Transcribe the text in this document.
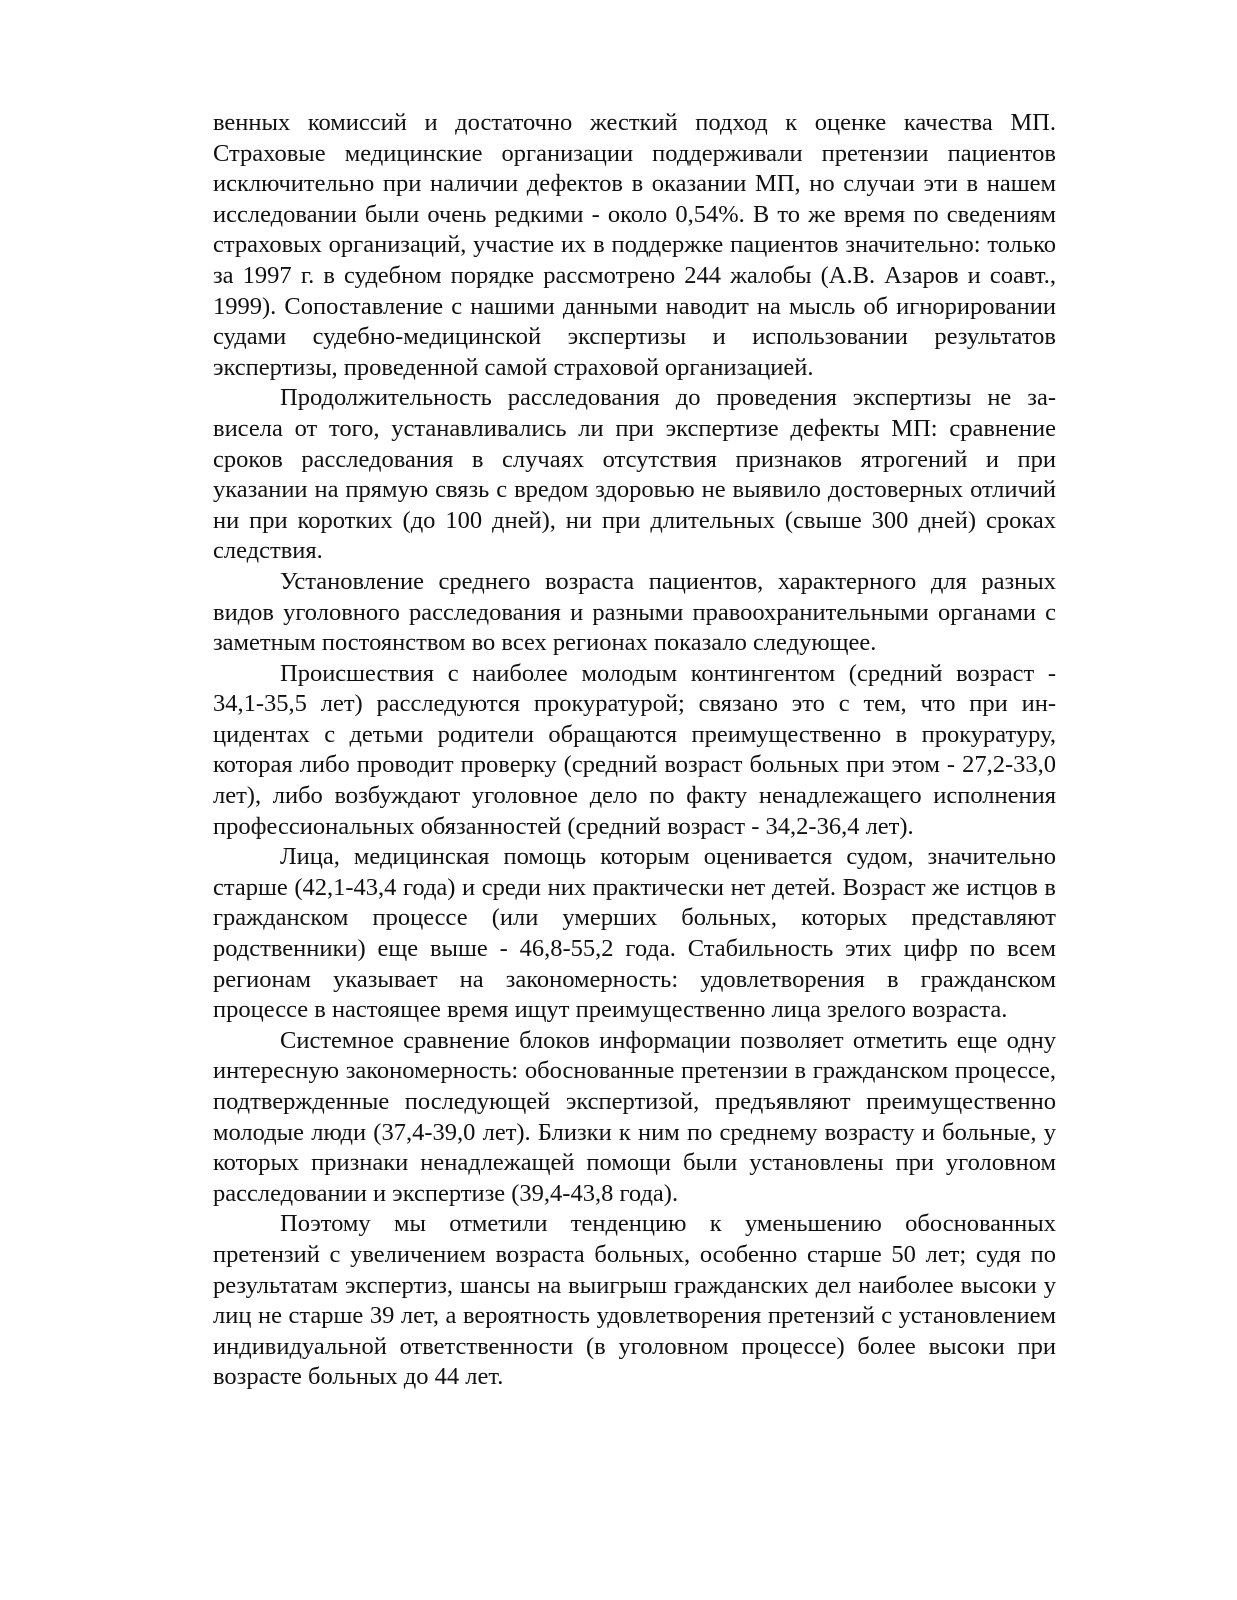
венных комиссий и достаточно жесткий подход к оценке качества МП. Страховые медицинские организации поддерживали претензии пациентов исключительно при наличии дефектов в оказании МП, но случаи эти в нашем исследовании были очень редкими - около 0,54%. В то же время по сведениям страховых организаций, участие их в поддержке пациентов значительно: только за 1997 г. в судебном порядке рассмотрено 244 жалобы (А.В. Азаров и соавт., 1999). Сопоставление с нашими данными наводит на мысль об игнорировании судами судебно-медицинской экспертизы и использовании результатов экспертизы, проведенной самой страховой организацией.

Продолжительность расследования до проведения экспертизы не зависела от того, устанавливались ли при экспертизе дефекты МП: сравнение сроков расследования в случаях отсутствия признаков ятрогений и при указании на прямую связь с вредом здоровью не выявило достоверных отличий ни при коротких (до 100 дней), ни при длительных (свыше 300 дней) сроках следствия.

Установление среднего возраста пациентов, характерного для разных видов уголовного расследования и разными правоохранительными органами с заметным постоянством во всех регионах показало следующее.

Происшествия с наиболее молодым контингентом (средний возраст - 34,1-35,5 лет) расследуются прокуратурой; связано это с тем, что при инцидентах с детьми родители обращаются преимущественно в прокуратуру, которая либо проводит проверку (средний возраст больных при этом - 27,2-33,0 лет), либо возбуждают уголовное дело по факту ненадлежащего исполнения профессиональных обязанностей (средний возраст - 34,2-36,4 лет).

Лица, медицинская помощь которым оценивается судом, значительно старше (42,1-43,4 года) и среди них практически нет детей. Возраст же истцов в гражданском процессе (или умерших больных, которых представляют родственники) еще выше - 46,8-55,2 года. Стабильность этих цифр по всем регионам указывает на закономерность: удовлетворения в гражданском процессе в настоящее время ищут преимущественно лица зрелого возраста.

Системное сравнение блоков информации позволяет отметить еще одну интересную закономерность: обоснованные претензии в гражданском процессе, подтвержденные последующей экспертизой, предъявляют преимущественно молодые люди (37,4-39,0 лет). Близки к ним по среднему возрасту и больные, у которых признаки ненадлежащей помощи были установлены при уголовном расследовании и экспертизе (39,4-43,8 года).

Поэтому мы отметили тенденцию к уменьшению обоснованных претензий с увеличением возраста больных, особенно старше 50 лет; судя по результатам экспертиз, шансы на выигрыш гражданских дел наиболее высоки у лиц не старше 39 лет, а вероятность удовлетворения претензий с установлением индивидуальной ответственности (в уголовном процессе) более высоки при возрасте больных до 44 лет.
